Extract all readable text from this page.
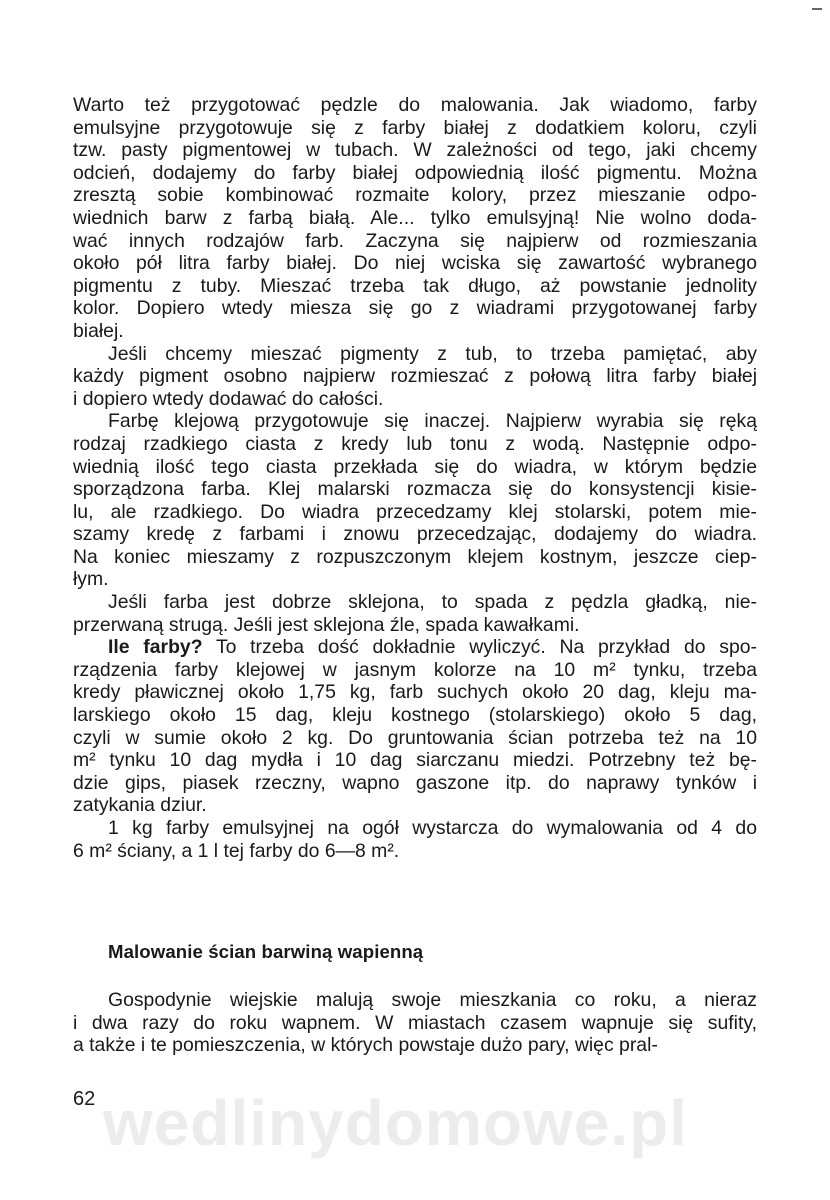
Warto też przygotować pędzle do malowania. Jak wiadomo, farby
emulsyjne przygotowuje się z farby białej z dodatkiem koloru, czyli
tzw. pasty pigmentowej w tubach. W zależności od tego, jaki chcemy
odcień, dodajemy do farby białej odpowiednią ilość pigmentu. Można
zresztą sobie kombinować rozmaite kolory, przez mieszanie odpo-
wiednich barw z farbą białą. Ale... tylko emulsyjną! Nie wolno doda-
wać innych rodzajów farb. Zaczyna się najpierw od rozmieszania
około pół litra farby białej. Do niej wciska się zawartość wybranego
pigmentu z tuby. Mieszać trzeba tak długo, aż powstanie jednolity
kolor. Dopiero wtedy miesza się go z wiadrami przygotowanej farby
białej.

Jeśli chcemy mieszać pigmenty z tub, to trzeba pamiętać, aby
każdy pigment osobno najpierw rozmieszać z połową litra farby białej
i dopiero wtedy dodawać do całości.

Farbę klejową przygotowuje się inaczej. Najpierw wyrabia się ręką
rodzaj rzadkiego ciasta z kredy lub tonu z wodą. Następnie odpo-
wiednią ilość tego ciasta przekłada się do wiadra, w którym będzie
sporządzona farba. Klej malarski rozmacza się do konsystencji kisie-
lu, ale rzadkiego. Do wiadra przecedzamy klej stolarski, potem mie-
szamy kredę z farbami i znowu przecedzając, dodajemy do wiadra.
Na koniec mieszamy z rozpuszczonym klejem kostnym, jeszcze ciep-
łym.

Jeśli farba jest dobrze sklejona, to spada z pędzla gładką, nie-
przerwaną strugą. Jeśli jest sklejona źle, spada kawałkami.

Ile farby? To trzeba dość dokładnie wyliczyć. Na przykład do spo-
rządzenia farby klejowej w jasnym kolorze na 10 m² tynku, trzeba
kredy pławicznej około 1,75 kg, farb suchych około 20 dag, kleju ma-
larskiego około 15 dag, kleju kostnego (stolarskiego) około 5 dag,
czyli w sumie około 2 kg. Do gruntowania ścian potrzeba też na 10
m² tynku 10 dag mydła i 10 dag siarczanu miedzi. Potrzebny też bę-
dzie gips, piasek rzeczny, wapno gaszone itp. do naprawy tynków i
zatykania dziur.

1 kg farby emulsyjnej na ogół wystarcza do wymalowania od 4 do
6 m² ściany, a 1 l tej farby do 6—8 m².

Malowanie ścian barwiną wapienną

Gospodynie wiejskie malują swoje mieszkania co roku, a nieraz
i dwa razy do roku wapnem. W miastach czasem wapnuje się sufity,
a także i te pomieszczenia, w których powstaje dużo pary, więc pral-

wedlinydomowe.pl
62
